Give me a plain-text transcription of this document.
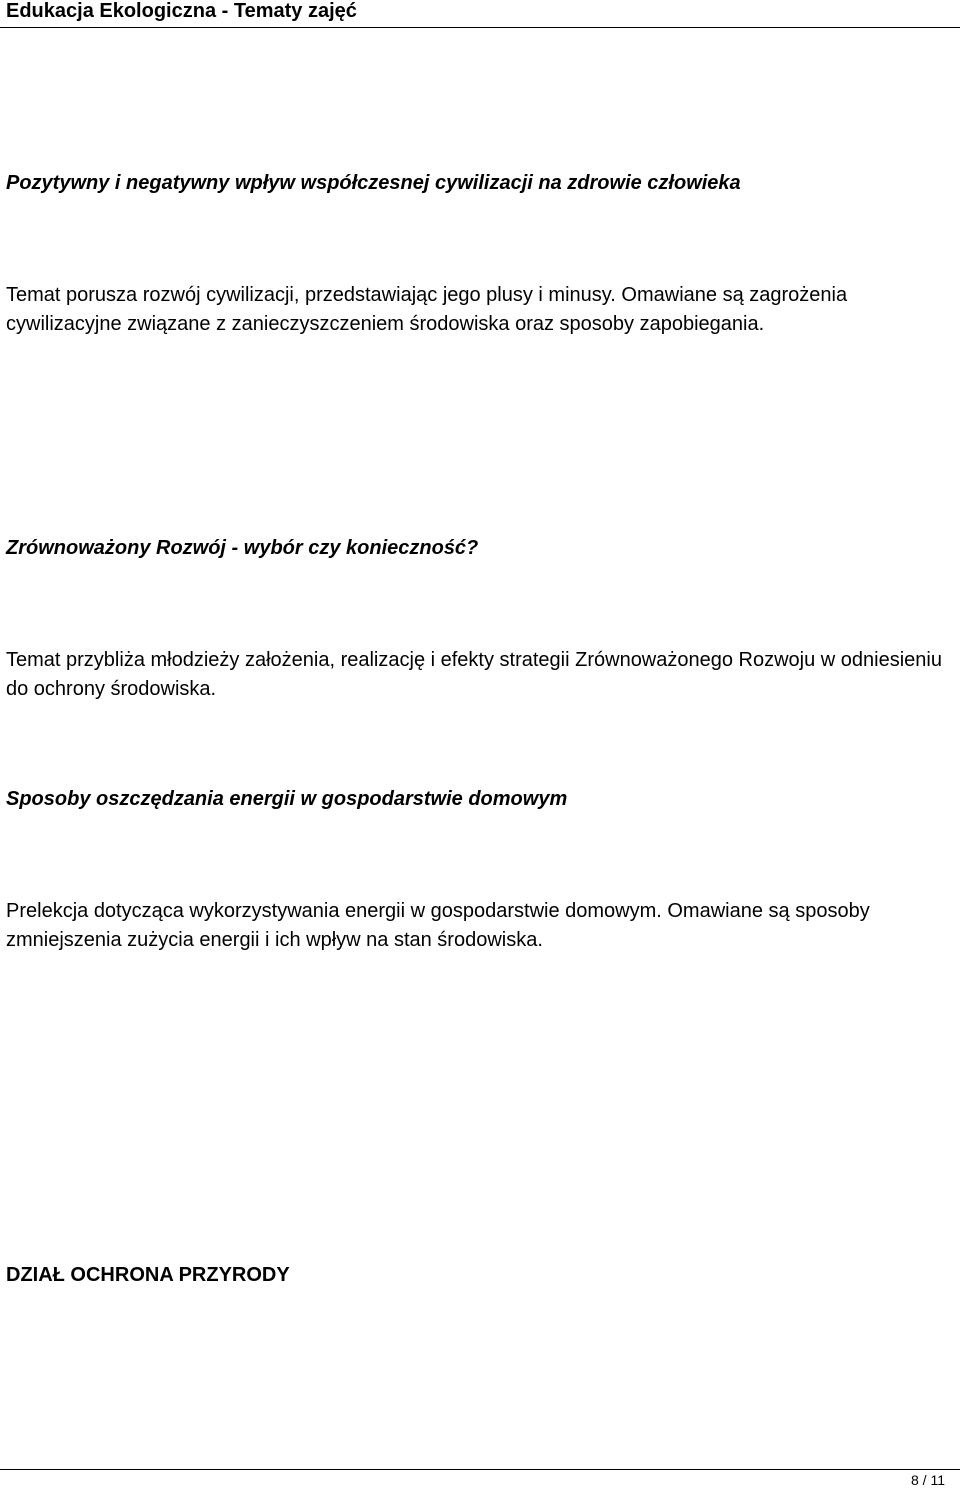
Edukacja Ekologiczna - Tematy zajęć
Pozytywny i negatywny wpływ współczesnej cywilizacji na zdrowie człowieka
Temat porusza rozwój cywilizacji, przedstawiając jego plusy i minusy. Omawiane są zagrożenia cywilizacyjne związane z zanieczyszczeniem środowiska oraz sposoby zapobiegania.
Zrównoważony Rozwój - wybór czy konieczność?
Temat przybliża młodzieży założenia, realizację i efekty strategii Zrównoważonego Rozwoju w odniesieniu do ochrony środowiska.
Sposoby oszczędzania energii w gospodarstwie domowym
Prelekcja dotycząca wykorzystywania energii w gospodarstwie domowym. Omawiane są sposoby zmniejszenia zużycia energii i ich wpływ na stan środowiska.
DZIAŁ OCHRONA PRZYRODY
8 / 11
